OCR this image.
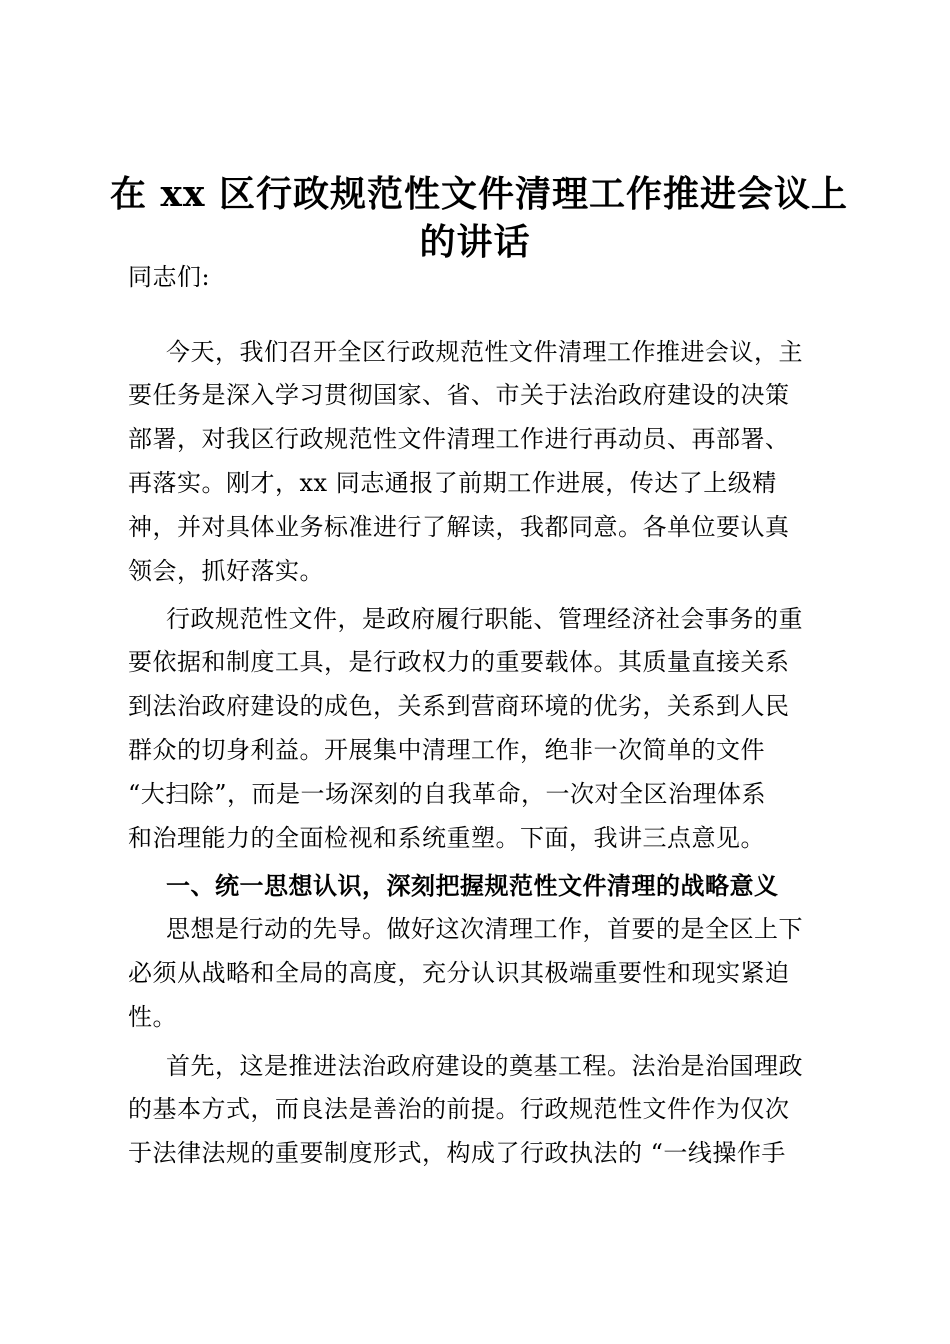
在 xx 区行政规范性文件清理工作推进会议上
的讲话
同志们:
今天，我们召开全区行政规范性文件清理工作推进会议，主
要任务是深入学习贯彻国家、省、市关于法治政府建设的决策
部署，对我区行政规范性文件清理工作进行再动员、再部署、
再落实。刚才，xx 同志通报了前期工作进展，传达了上级精
神，并对具体业务标准进行了解读，我都同意。各单位要认真
领会，抓好落实。
行政规范性文件，是政府履行职能、管理经济社会事务的重
要依据和制度工具，是行政权力的重要载体。其质量直接关系
到法治政府建设的成色，关系到营商环境的优劣，关系到人民
群众的切身利益。开展集中清理工作，绝非一次简单的文件
“大扫除”，而是一场深刻的自我革命，一次对全区治理体系
和治理能力的全面检视和系统重塑。下面，我讲三点意见。
一、统一思想认识，深刻把握规范性文件清理的战略意义
思想是行动的先导。做好这次清理工作，首要的是全区上下
必须从战略和全局的高度，充分认识其极端重要性和现实紧迫
性。
首先，这是推进法治政府建设的奠基工程。法治是治国理政
的基本方式，而良法是善治的前提。行政规范性文件作为仅次
于法律法规的重要制度形式，构成了行政执法的 “一线操作手
